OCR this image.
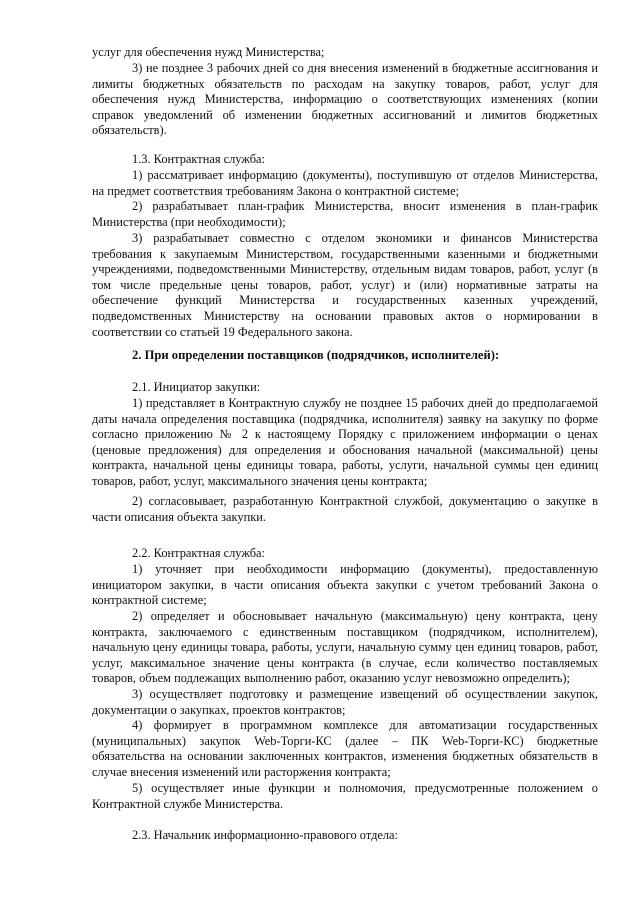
услуг для обеспечения нужд Министерства;

3) не позднее 3 рабочих дней со дня внесения изменений в бюджетные ассигнования и лимиты бюджетных обязательств по расходам на закупку товаров, работ, услуг для обеспечения нужд Министерства, информацию о соответствующих изменениях (копии справок уведомлений об изменении бюджетных ассигнований и лимитов бюджетных обязательств).

1.3. Контрактная служба:

1) рассматривает информацию (документы), поступившую от отделов Министерства, на предмет соответствия требованиям Закона о контрактной системе;

2) разрабатывает план-график Министерства, вносит изменения в план-график Министерства (при необходимости);

3) разрабатывает совместно с отделом экономики и финансов Министерства требования к закупаемым Министерством, государственными казенными и бюджетными учреждениями, подведомственными Министерству, отдельным видам товаров, работ, услуг (в том числе предельные цены товаров, работ, услуг) и (или) нормативные затраты на обеспечение функций Министерства и государственных казенных учреждений, подведомственных Министерству на основании правовых актов о нормировании в соответствии со статьей 19 Федерального закона.

2. При определении поставщиков (подрядчиков, исполнителей):

2.1. Инициатор закупки:

1) представляет в Контрактную службу не позднее 15 рабочих дней до предполагаемой даты начала определения поставщика (подрядчика, исполнителя) заявку на закупку по форме согласно приложению № 2 к настоящему Порядку с приложением информации о ценах (ценовые предложения) для определения и обоснования начальной (максимальной) цены контракта, начальной цены единицы товара, работы, услуги, начальной суммы цен единиц товаров, работ, услуг, максимального значения цены контракта;

2) согласовывает, разработанную Контрактной службой, документацию о закупке в части описания объекта закупки.

2.2. Контрактная служба:

1) уточняет при необходимости информацию (документы), предоставленную инициатором закупки, в части описания объекта закупки с учетом требований Закона о контрактной системе;

2) определяет и обосновывает начальную (максимальную) цену контракта, цену контракта, заключаемого с единственным поставщиком (подрядчиком, исполнителем), начальную цену единицы товара, работы, услуги, начальную сумму цен единиц товаров, работ, услуг, максимальное значение цены контракта (в случае, если количество поставляемых товаров, объем подлежащих выполнению работ, оказанию услуг невозможно определить);

3) осуществляет подготовку и размещение извещений об осуществлении закупок, документации о закупках, проектов контрактов;

4) формирует в программном комплексе для автоматизации государственных (муниципальных) закупок Web-Торги-КС (далее – ПК Web-Торги-КС) бюджетные обязательства на основании заключенных контрактов, изменения бюджетных обязательств в случае внесения изменений или расторжения контракта;

5) осуществляет иные функции и полномочия, предусмотренные положением о Контрактной службе Министерства.

2.3. Начальник информационно-правового отдела:
